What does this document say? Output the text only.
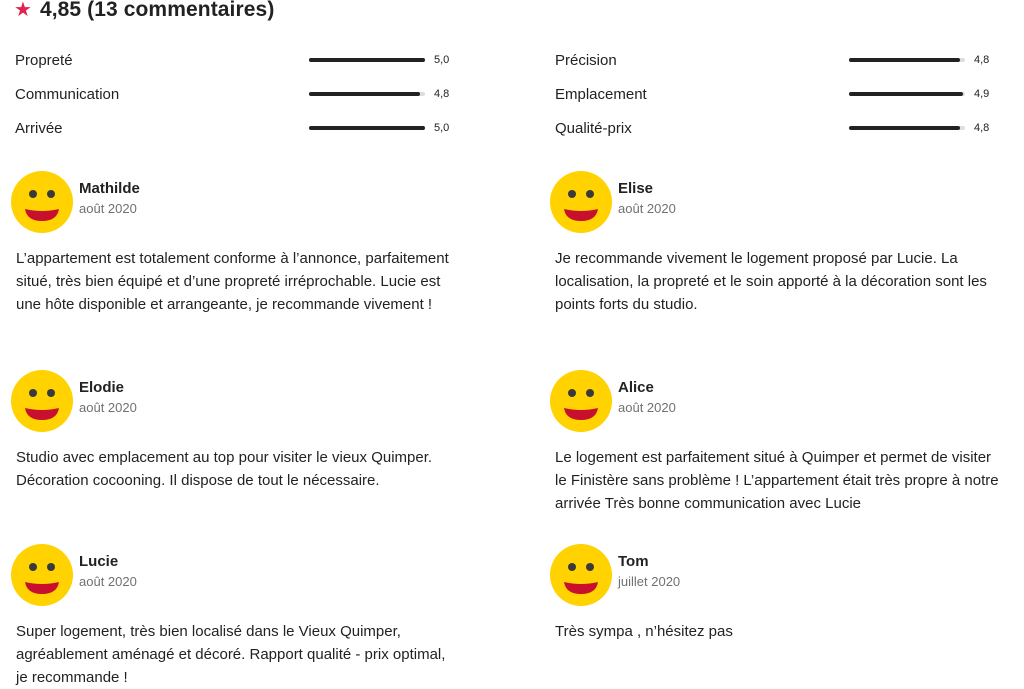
★ 4,85 (13 commentaires)
Propreté	5,0
Communication	4,8
Arrivée	5,0
Précision	4,8
Emplacement	4,9
Qualité-prix	4,8
Mathilde
août 2020
L’appartement est totalement conforme à l’annonce, parfaitement situé, très bien équipé et d’une propreté irréprochable. Lucie est une hôte disponible et arrangeante, je recommande vivement !
Elise
août 2020
Je recommande vivement le logement proposé par Lucie. La localisation, la propreté et le soin apporté à la décoration sont les points forts du studio.
Elodie
août 2020
Studio avec emplacement au top pour visiter le vieux Quimper. Décoration cocooning. Il dispose de tout le nécessaire.
Alice
août 2020
Le logement est parfaitement situé à Quimper et permet de visiter le Finistère sans problème ! L’appartement était très propre à notre arrivée Très bonne communication avec Lucie
Lucie
août 2020
Super logement, très bien localisé dans le Vieux Quimper, agréablement aménagé et décoré. Rapport qualité - prix optimal, je recommande !
Tom
juillet 2020
Très sympa , n’hésitez pas
